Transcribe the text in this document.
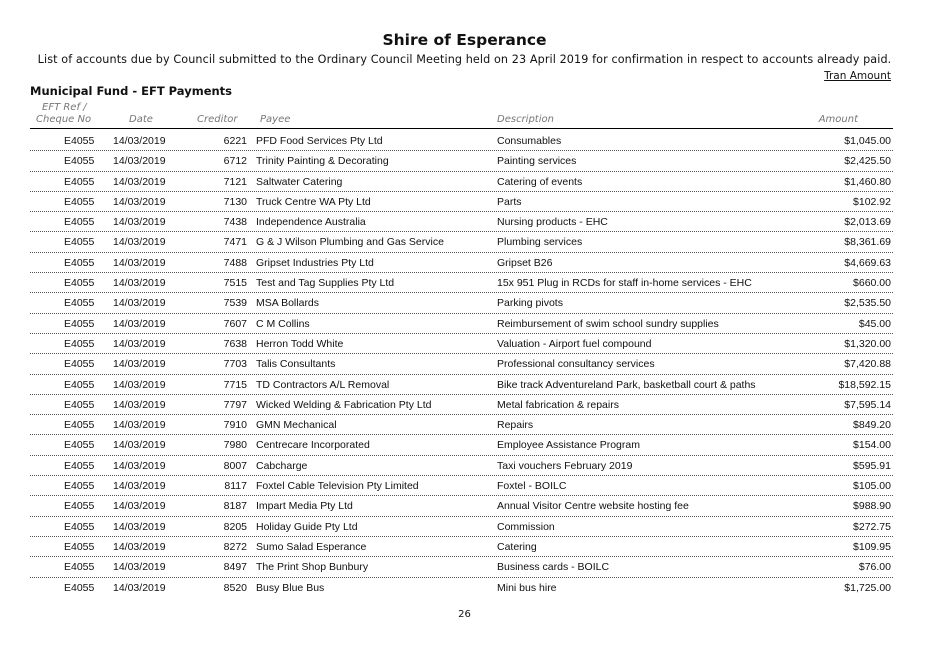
Shire of Esperance
List of accounts due by Council submitted to the Ordinary Council Meeting held on 23 April 2019 for confirmation in respect to accounts already paid.
Tran Amount
Municipal Fund - EFT Payments
EFT Ref /
Cheque No	Date	Creditor Payee	Description	Amount
E4055 14/03/2019	6221 PFD Food Services Pty Ltd	Consumables	$1,045.00
E4055 14/03/2019	6712 Trinity Painting & Decorating	Painting services	$2,425.50
E4055 14/03/2019	7121 Saltwater Catering	Catering of events	$1,460.80
E4055 14/03/2019	7130 Truck Centre WA Pty Ltd	Parts	$102.92
E4055 14/03/2019	7438 Independence Australia	Nursing products - EHC	$2,013.69
E4055 14/03/2019	7471 G & J Wilson Plumbing and Gas Service	Plumbing services	$8,361.69
E4055 14/03/2019	7488 Gripset Industries Pty Ltd	Gripset B26	$4,669.63
E4055 14/03/2019	7515 Test and Tag Supplies Pty Ltd	15x 951 Plug in RCDs for staff in-home services - EHC	$660.00
E4055 14/03/2019	7539 MSA Bollards	Parking pivots	$2,535.50
E4055 14/03/2019	7607 C M Collins	Reimbursement of swim school sundry supplies	$45.00
E4055 14/03/2019	7638 Herron Todd White	Valuation - Airport fuel compound	$1,320.00
E4055 14/03/2019	7703 Talis Consultants	Professional consultancy services	$7,420.88
E4055 14/03/2019	7715 TD Contractors A/L Removal	Bike track Adventureland Park, basketball court & paths	$18,592.15
E4055 14/03/2019	7797 Wicked Welding & Fabrication Pty Ltd	Metal fabrication & repairs	$7,595.14
E4055 14/03/2019	7910 GMN Mechanical	Repairs	$849.20
E4055 14/03/2019	7980 Centrecare Incorporated	Employee Assistance Program	$154.00
E4055 14/03/2019	8007 Cabcharge	Taxi vouchers February 2019	$595.91
E4055 14/03/2019	8117 Foxtel Cable Television Pty Limited	Foxtel - BOILC	$105.00
E4055 14/03/2019	8187 Impart Media Pty Ltd	Annual Visitor Centre website hosting fee	$988.90
E4055 14/03/2019	8205 Holiday Guide Pty Ltd	Commission	$272.75
E4055 14/03/2019	8272 Sumo Salad Esperance	Catering	$109.95
E4055 14/03/2019	8497 The Print Shop Bunbury	Business cards - BOILC	$76.00
E4055 14/03/2019	8520 Busy Blue Bus	Mini bus hire	$1,725.00
26
